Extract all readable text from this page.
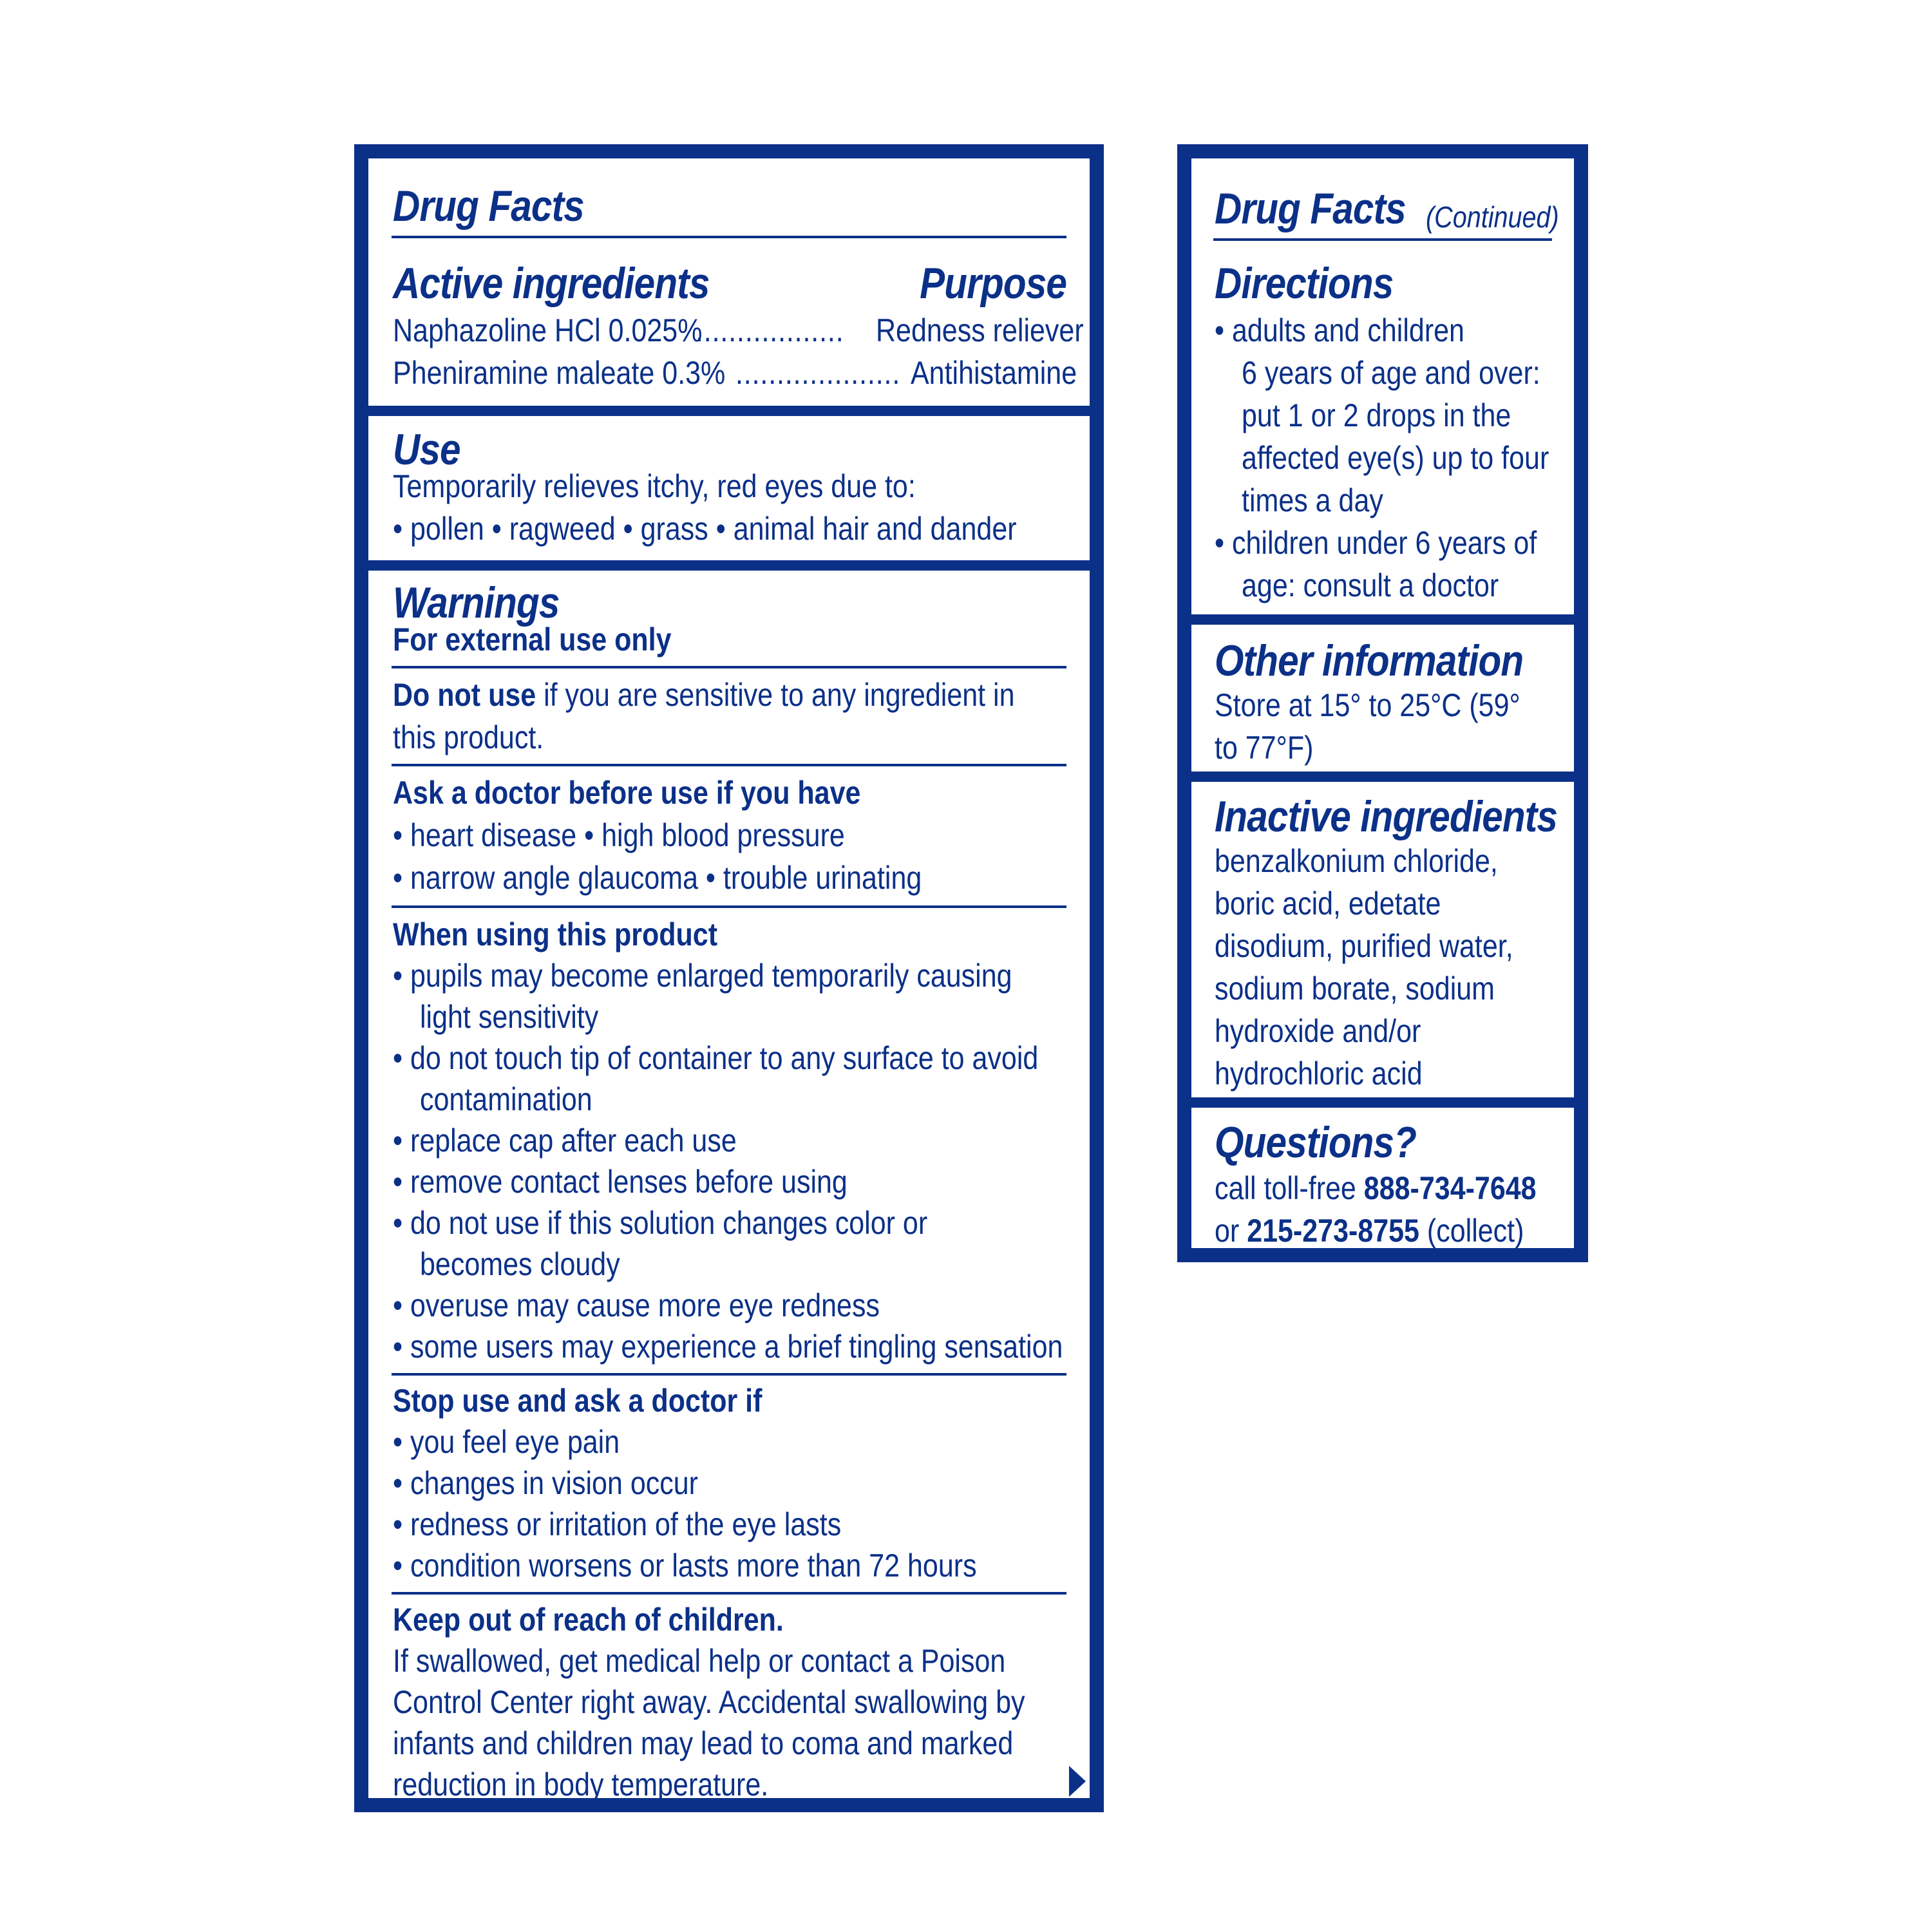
Drug Facts
Active ingredients	Purpose
Naphazoline HCl 0.025%
.................. Redness reliever
Pheniramine maleate 0.3% .................... Antihistamine
Use
Temporarily relieves itchy, red eyes due to:
• pollen • ragweed • grass • animal hair and dander
Warnings
For external use only
Do not use if you are sensitive to any ingredient in
this product.
Ask a doctor before use if you have
• heart disease • high blood pressure
• narrow angle glaucoma • trouble urinating
When using this product
• pupils may become enlarged temporarily causing
light sensitivity
• do not touch tip of container to any surface to avoid
contamination
• replace cap after each use
• remove contact lenses before using
• do not use if this solution changes color or
becomes cloudy
• overuse may cause more eye redness
• some users may experience a brief tingling sensation
Stop use and ask a doctor if
• you feel eye pain
• changes in vision occur
• redness or irritation of the eye lasts
• condition worsens or lasts more than 72 hours
Keep out of reach of children.
If swallowed, get medical help or contact a Poison
Control Center right away. Accidental swallowing by
infants and children may lead to coma and marked
reduction in body temperature.
Drug Facts (Continued)
Directions
• adults and children
6 years of age and over:
put 1 or 2 drops in the
affected eye(s) up to four
times a day
• children under 6 years of
age: consult a doctor
Other information
Store at 15° to 25°C (59°
to 77°F)
Inactive ingredients
benzalkonium chloride,
boric acid, edetate
disodium, purified water,
sodium borate, sodium
hydroxide and/or
hydrochloric acid
Questions?
call toll-free 888-734-7648
or 215-273-8755 (collect)
